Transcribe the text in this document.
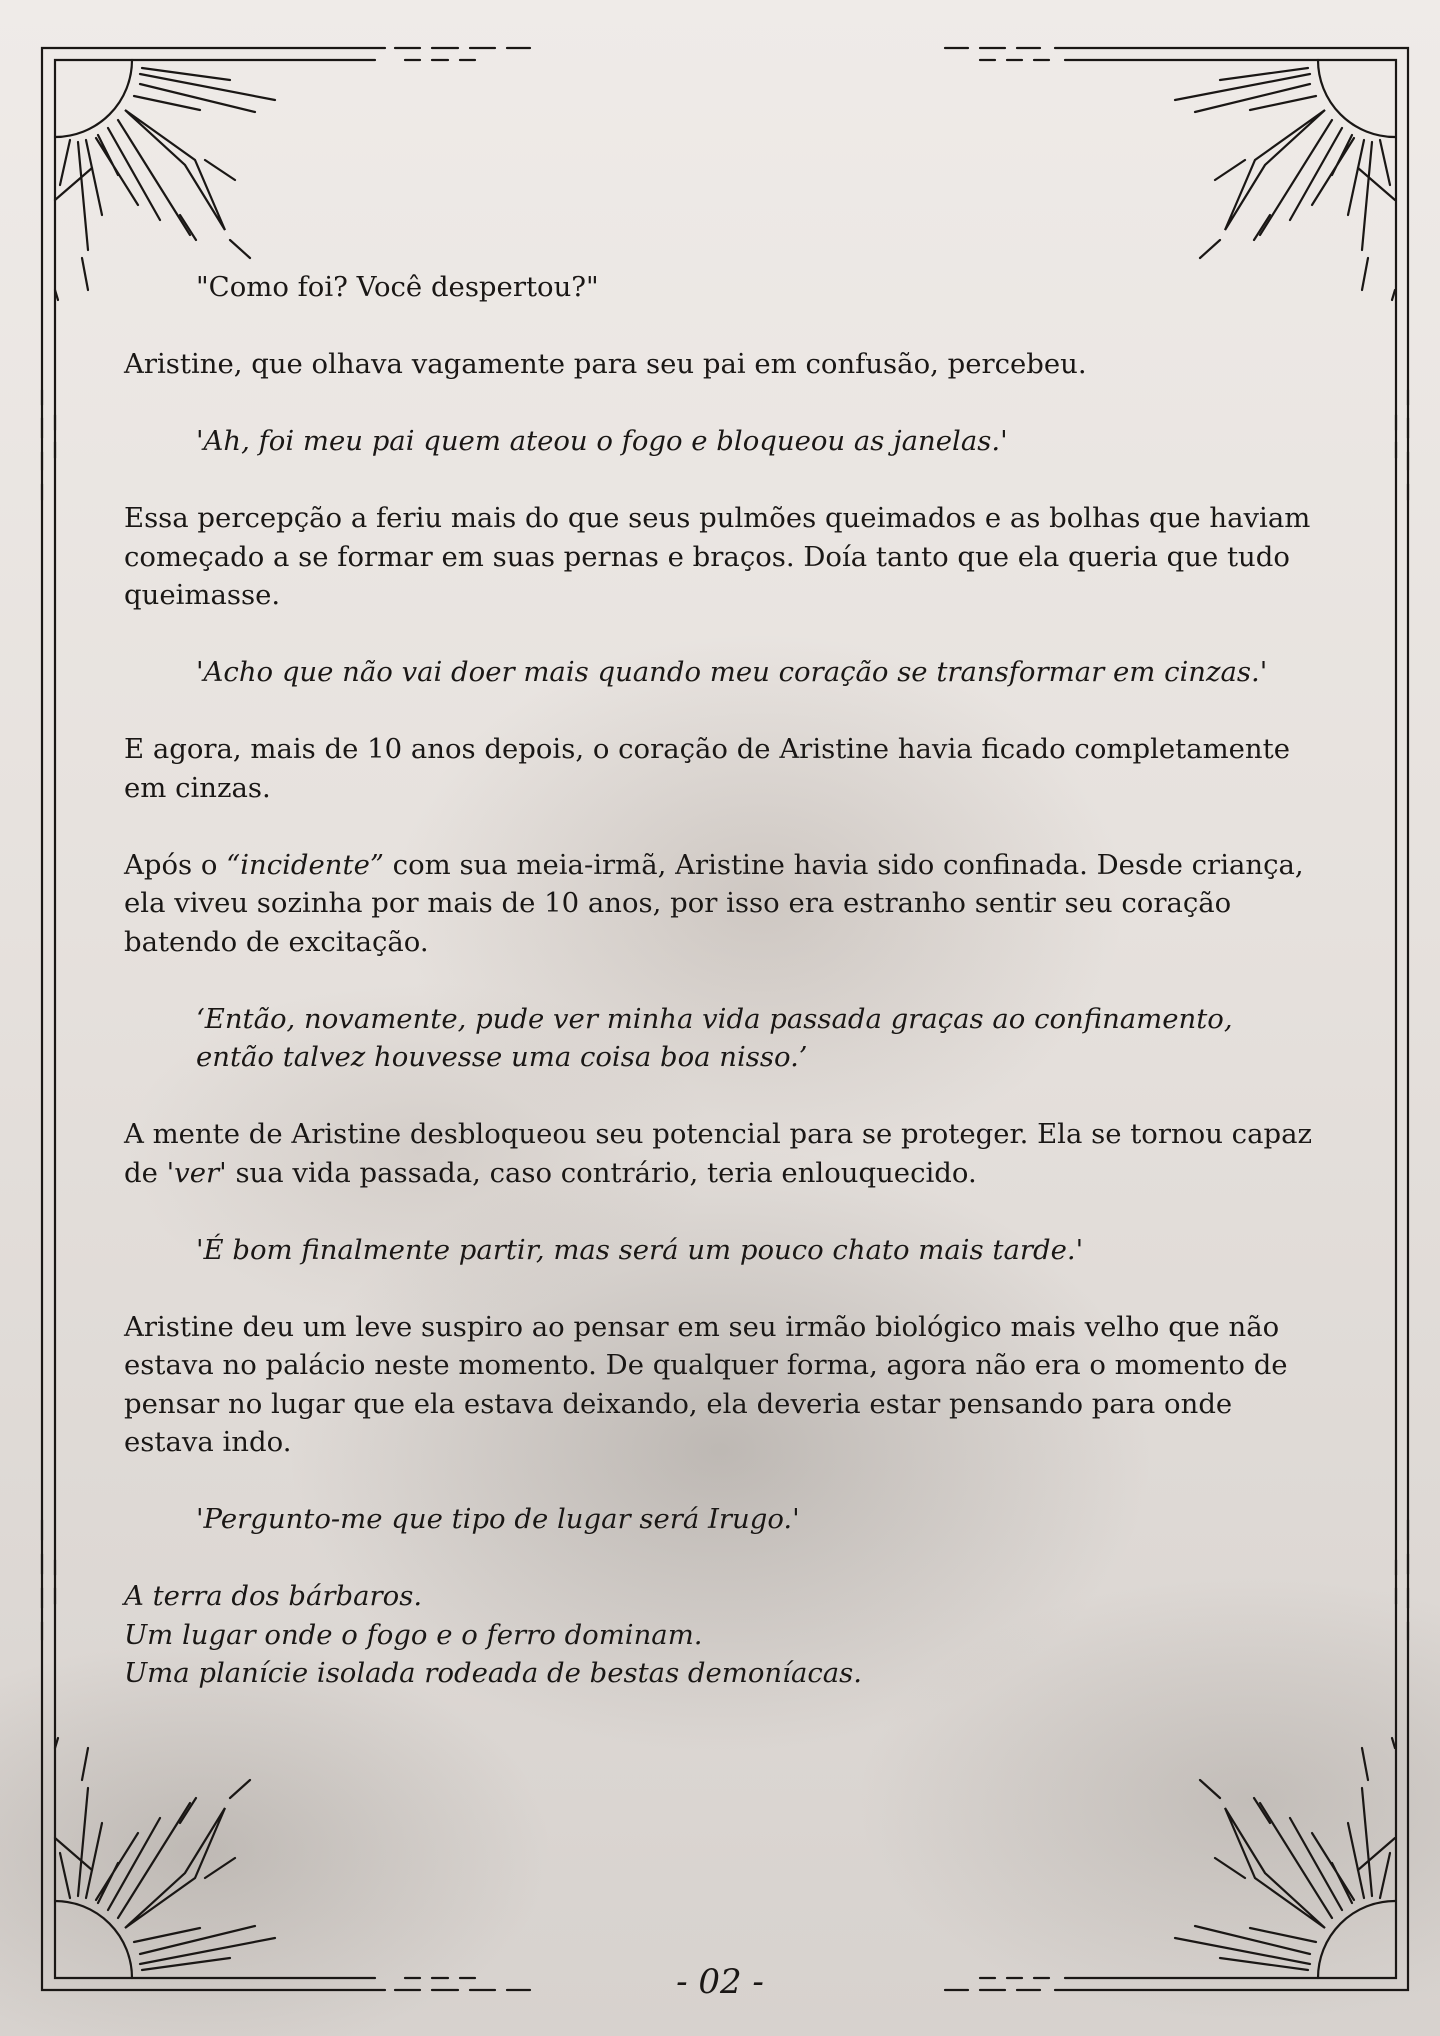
"Como foi? Você despertou?"

Aristine, que olhava vagamente para seu pai em confusão, percebeu.

'Ah, foi meu pai quem ateou o fogo e bloqueou as janelas.'

Essa percepção a feriu mais do que seus pulmões queimados e as bolhas que haviam
começado a se formar em suas pernas e braços. Doía tanto que ela queria que tudo
queimasse.

'Acho que não vai doer mais quando meu coração se transformar em cinzas.'

E agora, mais de 10 anos depois, o coração de Aristine havia ficado completamente
em cinzas.

Após o “incidente” com sua meia-irmã, Aristine havia sido confinada. Desde criança,
ela viveu sozinha por mais de 10 anos, por isso era estranho sentir seu coração
batendo de excitação.

‘Então, novamente, pude ver minha vida passada graças ao confinamento,
então talvez houvesse uma coisa boa nisso.’

A mente de Aristine desbloqueou seu potencial para se proteger. Ela se tornou capaz
de 'ver' sua vida passada, caso contrário, teria enlouquecido.

'É bom finalmente partir, mas será um pouco chato mais tarde.'

Aristine deu um leve suspiro ao pensar em seu irmão biológico mais velho que não
estava no palácio neste momento. De qualquer forma, agora não era o momento de
pensar no lugar que ela estava deixando, ela deveria estar pensando para onde
estava indo.

'Pergunto-me que tipo de lugar será Irugo.'

A terra dos bárbaros.
Um lugar onde o fogo e o ferro dominam.
Uma planície isolada rodeada de bestas demoníacas.

- 02 -
